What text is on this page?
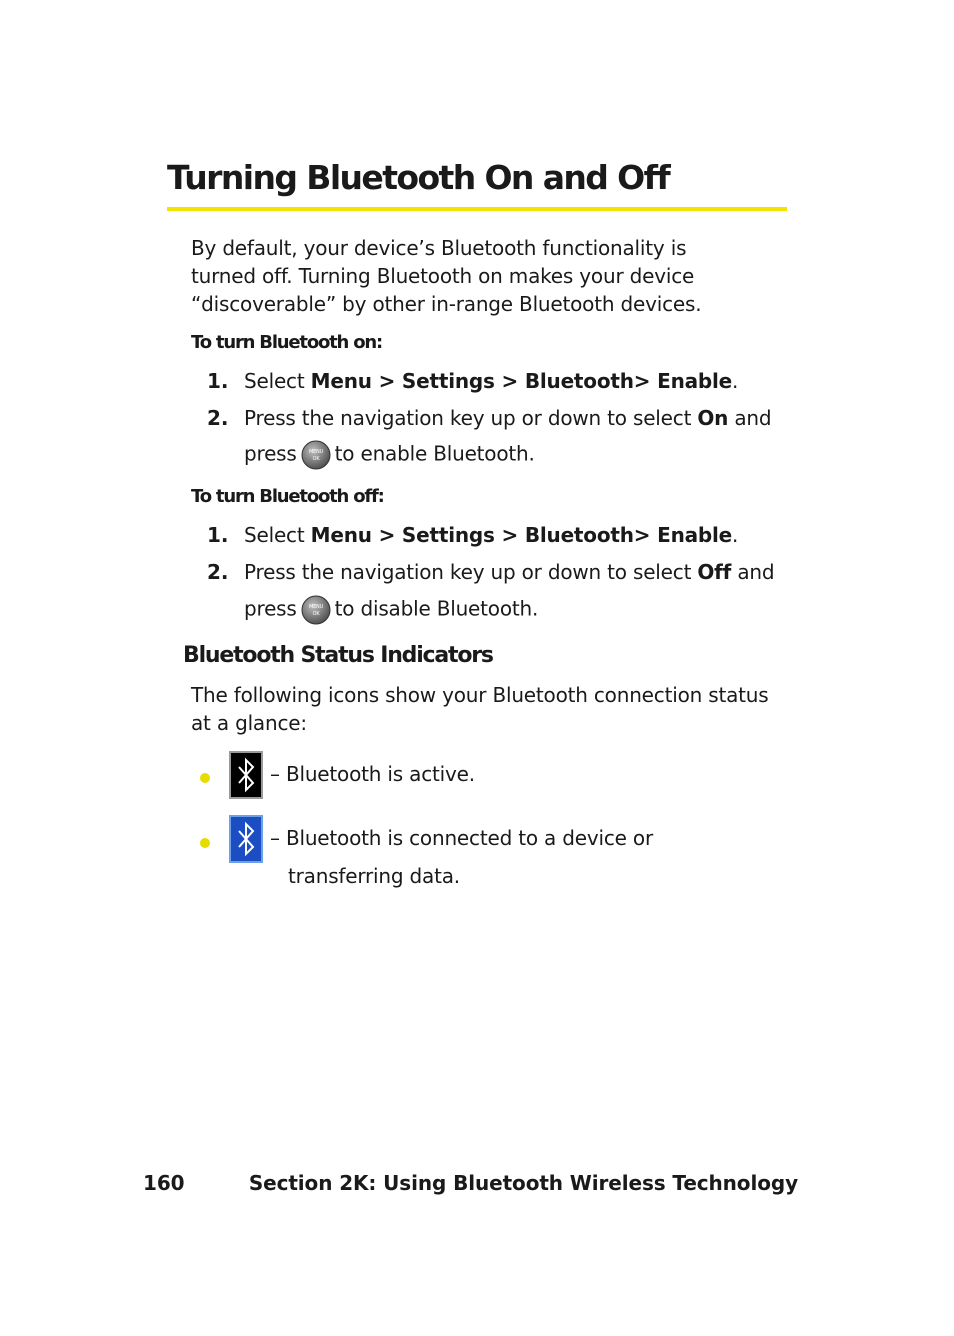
Turning Bluetooth On and Off
By default, your device’s Bluetooth functionality is
turned off. Turning Bluetooth on makes your device
“discoverable” by other in-range Bluetooth devices.
To turn Bluetooth on:
1. Select Menu > Settings > Bluetooth> Enable.
2. Press the navigation key up or down to select On and
press MENU
OK to enable Bluetooth.
To turn Bluetooth off:
1. Select Menu > Settings > Bluetooth> Enable.
2. Press the navigation key up or down to select Off and
press MENU
OK to disable Bluetooth.
Bluetooth Status Indicators
The following icons show your Bluetooth connection status
at a glance:
– Bluetooth is active.
– Bluetooth is connected to a device or
transferring data.
160	Section 2K: Using Bluetooth Wireless Technology
